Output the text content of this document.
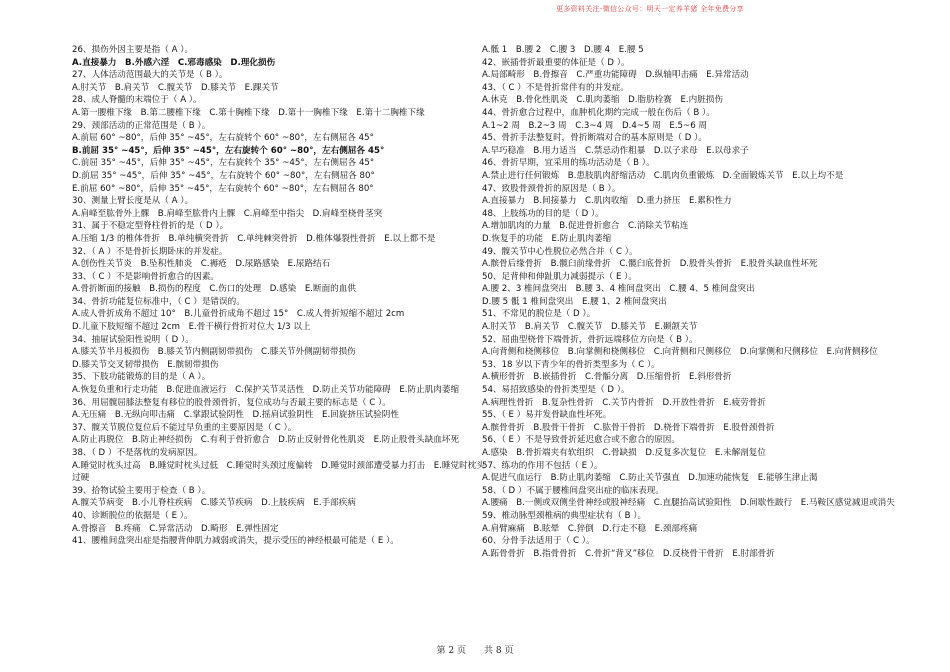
更多资料关注-微信公众号：明天一定养羊猪 全年免费分享
26、损伤外因主要是指（ A ）。
A.直接暴力　B.外感六淫　C.邪毒感染　D.理化损伤
27、人体活动范围最大的关节是（ B ）。
A.肘关节　B.肩关节　C.髋关节　D.膝关节　E.踝关节
28、成人脊髓的末端位于（ A ）。
A.第一腰椎下缘　B.第二腰椎下缘　C.第十胸椎下缘　D.第十一胸椎下缘　E.第十二胸椎下缘
29、颈部活动的正常范围是（ B ）。
A.前屈 60° ~80°，后伸 35° ~45°，左右旋转个 60° ~80°，左右侧屈各 45°
B.前屈 35° ~45°，后伸 35° ~45°，左右旋转个 60° ~80°，左右侧屈各 45°
C.前屈 35° ~45°，后伸 35° ~45°，左右旋转个 35° ~45°，左右侧屈各 45°
D.前屈 35° ~45°，后伸 35° ~45°，左右旋转个 60° ~80°，左右侧屈各 80°
E.前屈 60° ~80°，后伸 35° ~45°，左右旋转个 60° ~80°，左右侧屈各 80°
30、测量上臂长度是从（ A ）。
A.肩峰至肱骨外上髁　B.肩峰至肱骨内上髁　C.肩峰至中指尖　D.肩峰至桡骨茎突
31、属于不稳定型脊柱骨折的是（ D ）。
A.压缩 1/3 的椎体骨折　B.单纯横突骨折　C.单纯棘突骨折　D.椎体爆裂性骨折　E.以上都不是
32、（ A ）不是骨折长期卧床的并发症。
A.创伤性关节炎　B.坠积性肺炎　C.褥疮　D.尿路感染　E.尿路结石
33、（ C ）不是影响骨折愈合的因素。
A.骨折断面的接触　B.损伤的程度　C.伤口的处理　D.感染　E.断面的血供
34、骨折功能复位标准中，（ C ）是错误的。
A.成人骨折成角不超过 10°　B.儿童骨折成角不超过 15°　C.成人骨折短缩不超过 2cm
D.儿童下肢短缩不超过 2cm　E.骨干横行骨折对位大 1/3 以上
34、抽屉试验阳性说明（ D ）。
A.膝关节半月板损伤　B.膝关节内侧副韧带损伤　C.膝关节外侧副韧带损伤
D.膝关节交叉韧带损伤　E.髌韧带损伤
35、下肢功能锻炼的目的是（ A ）。
A.恢复负重和行走功能　B.促进血液运行　C.保护关节灵活性　D.防止关节功能障碍　E.防止肌肉萎缩
36、用屈髋屈膝法整复有移位的股骨颈骨折，复位成功与否最主要的标志是（ C ）。
A.无压痛　B.无纵向叩击痛　C.掌跟试验阴性　D.摇肩试验阴性　E.回旋挤压试验阴性
37、髋关节脱位复位后不能过早负重的主要原因是（ C ）。
A.防止再脱位　B.防止神经损伤　C.有利于骨折愈合　D.防止反射骨化性肌炎　E.防止股骨头缺血坏死
38、（ D ）不是落枕的发病原因。
A.睡觉时枕头过高　B.睡觉时枕头过低　C.睡觉时头颈过度偏转　D.睡觉时颈部遭受暴力打击　E.睡觉时枕头过硬
39、拾物试验主要用于检查（ B ）。
A.髋关节病变　B.小儿脊柱疾病　C.膝关节疾病　D.上肢疾病　E.手部疾病
40、诊断脱位的依据是（ E ）。
A.骨擦音　B.疼痛　C.异常活动　D.畸形　E.弹性固定
41、腰椎间盘突出症是指腰背伸肌力减弱或消失，提示受压的神经根最可能是（ E ）。
A.骶 1　B.腰 2　C.腰 3　D.腰 4　E.腰 5
42、嵌插骨折最重要的体征是（ D ）。
A.局部畸形　B.骨擦音　C.严重功能障碍　D.纵轴叩击痛　E.异常活动
43、（ C ）不是骨折常伴有的并发症。
A.休克　B.骨化性肌炎　C.肌肉萎缩　D.脂肪栓赛　E.内脏损伤
44、骨折愈合过程中，血肿机化期约完成一般在伤后（ B ）。
A.1~2 周　B.2~3 周　C.3~4 周　D.4~5 周　E.5~6 周
45、骨折手法整复时，骨折断端对合的基本原则是（ D ）。
A.早巧稳准　B.用力适当　C.禁忌动作粗暴　D.以子求母　E.以母求子
46、骨折早期，宜采用的练功活动是（ B ）。
A.禁止进行任何锻炼　B.患肢肌肉舒缩活动　C.肌肉负重锻炼　D.全面锻炼关节　E.以上均不是
47、致股骨颈骨折的原因是（ B ）。
A.直接暴力　B.间接暴力　C.肌肉收缩　D.重力挤压　E.累积性力
48、上肢练功的目的是（ D ）。
A.增加肌肉的力量　B.促进骨折愈合　C.消除关节粘连
D.恢复手的功能　E.防止肌肉萎缩
49、髋关节中心性脱位必然合并（ C ）。
A.髌骨后缘骨折　B.髋臼前缘骨折　C.髋臼底骨折　D.股骨头骨折　E.股骨头缺血性坏死
50、足背伸和伸趾肌力减弱提示（ E ）。
A.腰 2、3 椎间盘突出　B.腰 3、4 椎间盘突出　C.腰 4、5 椎间盘突出
D.腰 5 骶 1 椎间盘突出　E.腰 1、2 椎间盘突出
51、不常见的脱位是（ D ）。
A.肘关节　B.肩关节　C.髋关节　D.膝关节　E.颞颌关节
52、屈曲型桡骨下端骨折，骨折远端移位方向是（ B ）。
A.向背侧和桡侧移位　B.向掌侧和桡侧移位　C.向背侧和尺侧移位　D.向掌侧和尺侧移位　E.向背侧移位
53、18 岁以下青少年的骨折类型多为（ C ）。
A.横形骨折　B.嵌插骨折　C.骨骺分离　D.压缩骨折　E.斜形骨折
54、易招致感染的骨折类型是（ D ）。
A.病理性骨折　B.复杂性骨折　C.关节内骨折　D.开放性骨折　E.疲劳骨折
55、（ E ）易并发骨缺血性坏死。
A.髌骨骨折　B.股骨干骨折　C.肱骨干骨折　D.桡骨下端骨折　E.股骨颈骨折
56、（ E ）不是导致骨折延迟愈合或不愈合的原因。
A.感染　B.骨折端夹有软组织　C.骨缺损　D.反复多次复位　E.未解剖复位
57、练功的作用不包括（ E ）。
A.促进气血运行　B.防止肌肉萎缩　C.防止关节强直　D.加速功能恢复　E.能够生津止渴
58、（ D ）不属于腰椎间盘突出症的临床表现。
A.腰痛　B.一侧或双侧坐骨神经或股神经痛　C.直腿抬高试验阳性　D.间歇性跛行　E.马鞍区感觉减退或消失
59、椎动脉型颈椎病的典型症状有（ B ）。
A.肩臂麻痛　B.眩晕　C.猝倒　D.行走不稳　E.颈部疼痛
60、分骨手法适用于（ C ）。
A.跖骨骨折　B.指骨骨折　C.骨折“背叉”移位　D.反桡骨干骨折　E.肘部骨折
第 2 页　　共 8 页
